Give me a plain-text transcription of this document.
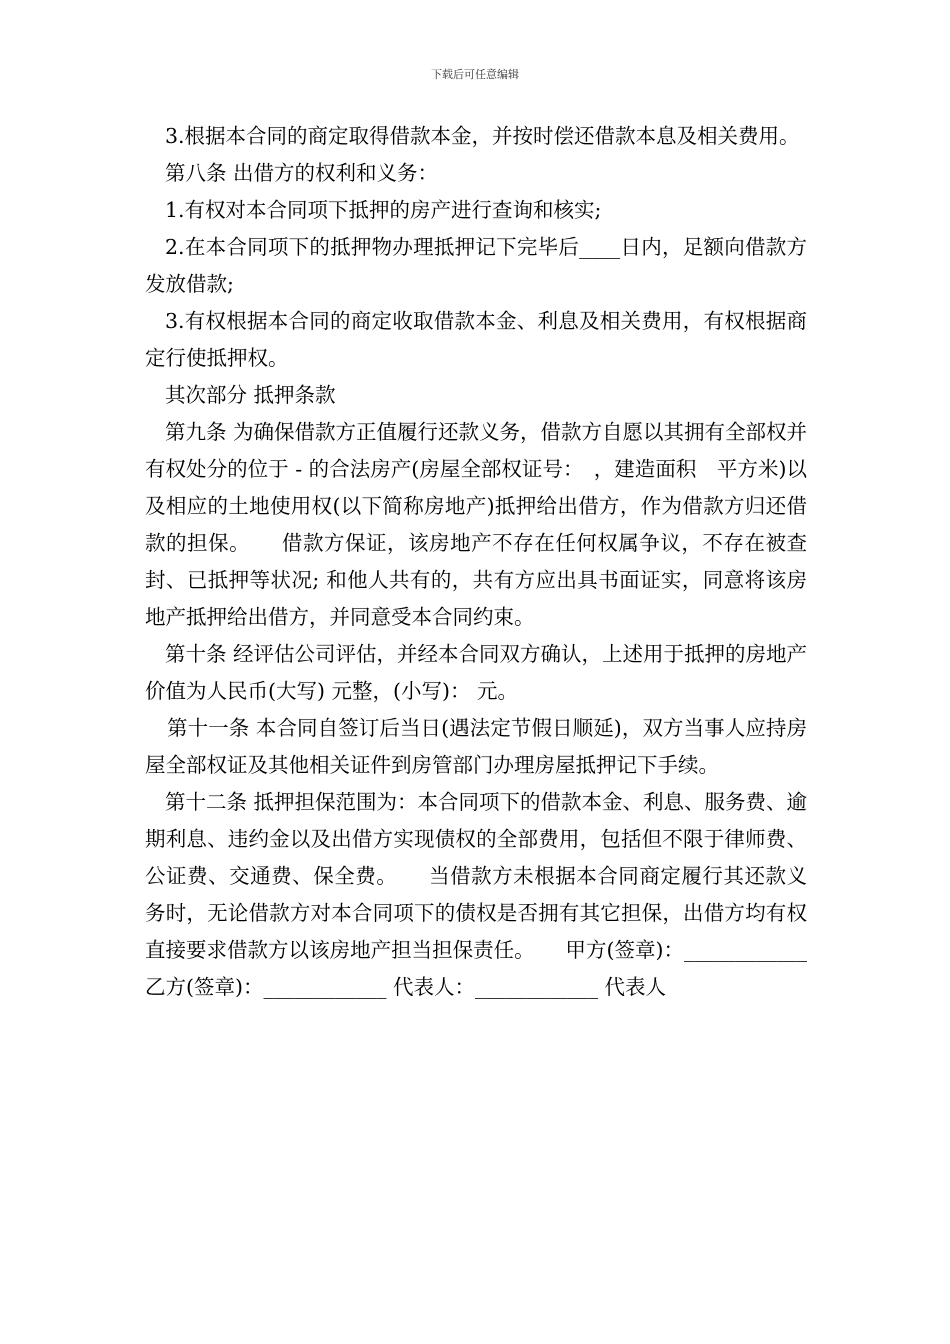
下载后可任意编辑

3.根据本合同的商定取得借款本金，并按时偿还借款本息及相关费用。

第八条 出借方的权利和义务：

1.有权对本合同项下抵押的房产进行查询和核实;

2.在本合同项下的抵押物办理抵押记下完毕后____日内，足额向借款方发放借款;

3.有权根据本合同的商定收取借款本金、利息及相关费用，有权根据商定行使抵押权。

其次部分 抵押条款

第九条 为确保借款方正值履行还款义务，借款方自愿以其拥有全部权并有权处分的位于 - 的合法房产(房屋全部权证号：　，建造面积　平方米)以及相应的土地使用权(以下简称房地产)抵押给出借方，作为借款方归还借款的担保。　　借款方保证，该房地产不存在任何权属争议，不存在被查封、已抵押等状况; 和他人共有的，共有方应出具书面证实，同意将该房地产抵押给出借方，并同意受本合同约束。

第十条 经评估公司评估，并经本合同双方确认，上述用于抵押的房地产价值为人民币(大写) 元整，(小写)： 元。

第十一条 本合同自签订后当日(遇法定节假日顺延)，双方当事人应持房屋全部权证及其他相关证件到房管部门办理房屋抵押记下手续。

第十二条 抵押担保范围为：本合同项下的借款本金、利息、服务费、逾期利息、违约金以及出借方实现债权的全部费用，包括但不限于律师费、公证费、交通费、保全费。　　当借款方未根据本合同商定履行其还款义务时，无论借款方对本合同项下的债权是否拥有其它担保，出借方均有权直接要求借款方以该房地产担当担保责任。　　甲方(签章)：____________ 乙方(签章)：____________ 代表人：____________ 代表人
